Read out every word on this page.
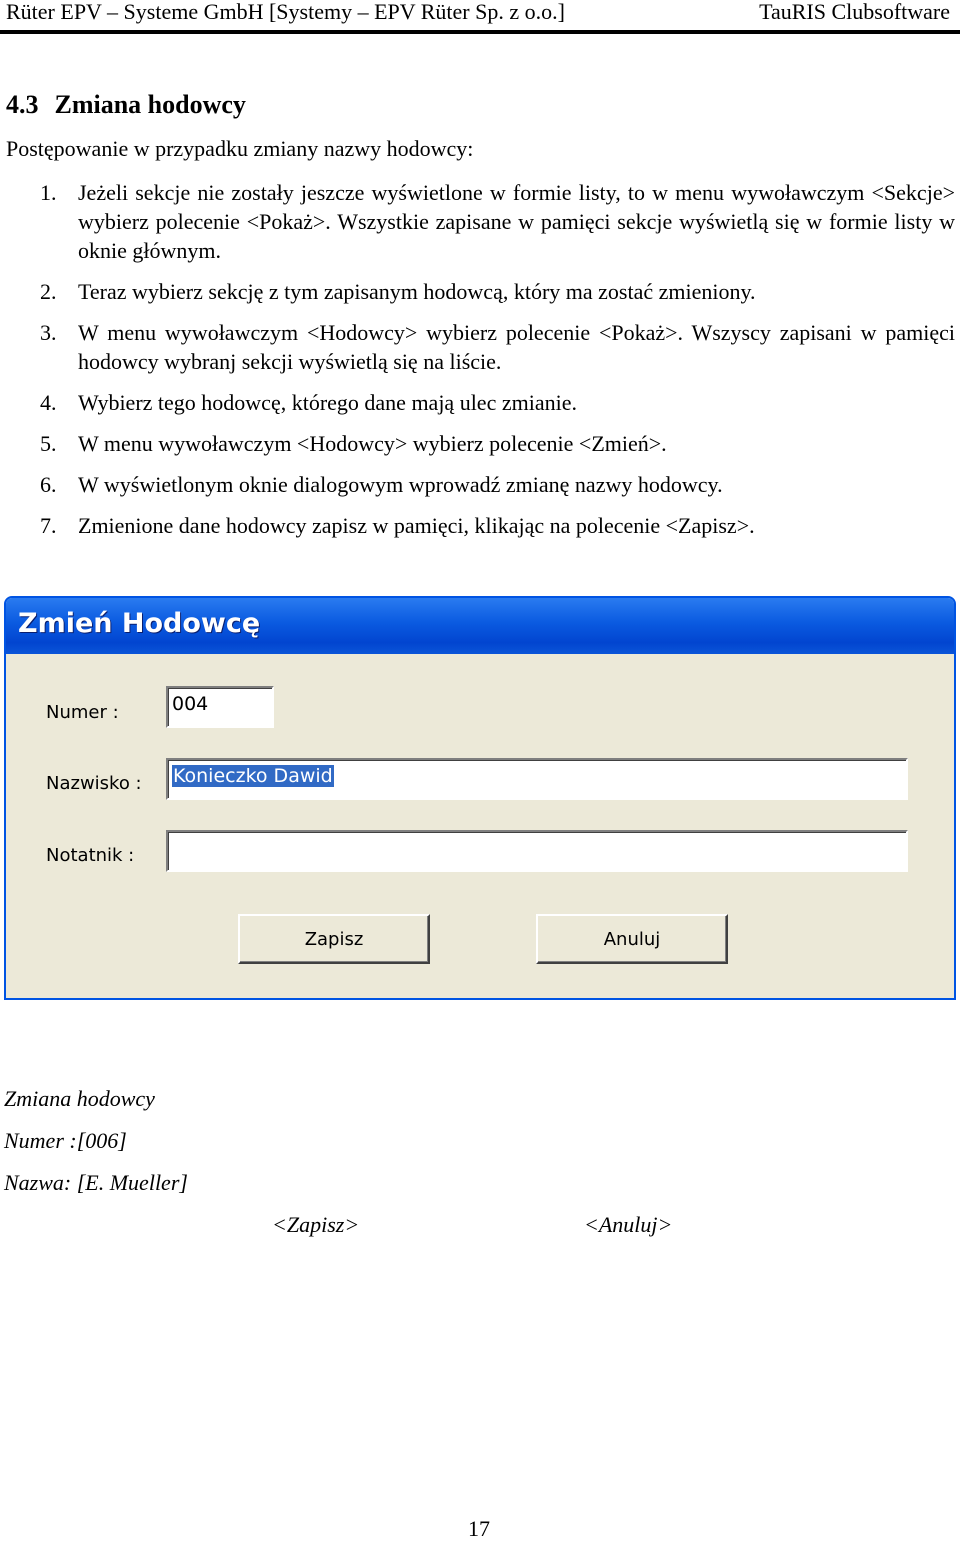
Rüter EPV – Systeme GmbH [Systemy – EPV Rüter Sp. z o.o.]	TauRIS Clubsoftware
4.3 Zmiana hodowcy
Postępowanie w przypadku zmiany nazwy hodowcy:
1. Jeżeli sekcje nie zostały jeszcze wyświetlone w formie listy, to w menu wywoławczym <Sekcje> wybierz polecenie <Pokaż>. Wszystkie zapisane w pamięci sekcje wyświetlą się w formie listy w oknie głównym.
2. Teraz wybierz sekcję z tym zapisanym hodowcą, który ma zostać zmieniony.
3. W menu wywoławczym <Hodowcy> wybierz polecenie <Pokaż>. Wszyscy zapisani w pamięci hodowcy wybranj sekcji wyświetlą się na liście.
4. Wybierz tego hodowcę, którego dane mają ulec zmianie.
5. W menu wywoławczym <Hodowcy> wybierz polecenie <Zmień>.
6. W wyświetlonym oknie dialogowym wprowadź zmianę nazwy hodowcy.
7. Zmienione dane hodowcy zapisz w pamięci, klikając na polecenie <Zapisz>.
Zmień Hodowcę
Numer :	004
Nazwisko :	Konieczko Dawid
Notatnik :
Zapisz	Anuluj
Zmiana hodowcy
Numer :[006]
Nazwa: [E. Mueller]
<Zapisz>	<Anuluj>
17
